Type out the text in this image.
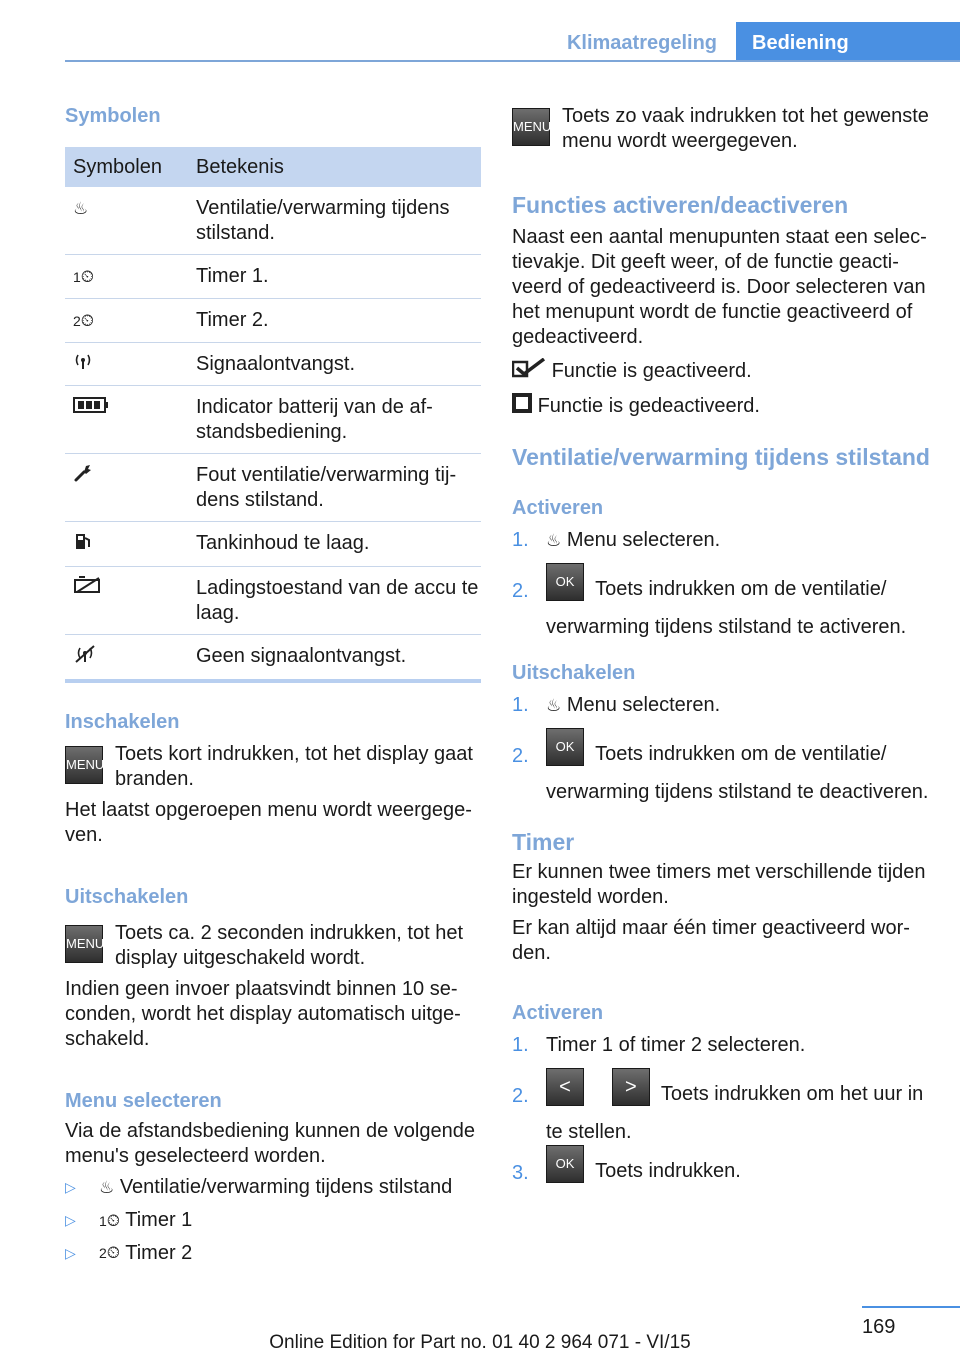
Klimaatregeling	Bediening
Symbolen
Symbolen	Betekenis
♨	Ventilatie/verwarming tijdens stilstand.
1⏲	Timer 1.
2⏲	Timer 2.
	Signaalontvangst.
	Indicator batterij van de afstandsbediening.
	Fout ventilatie/verwarming tijdens stilstand.
	Tankinhoud te laag.
	Ladingstoestand van de accu te laag.
	Geen signaalontvangst.
Inschakelen
MENU Toets kort indrukken, tot het display gaat branden.

Het laatst opgeroepen menu wordt weergegeven.

Uitschakelen
MENU Toets ca. 2 seconden indrukken, tot het display uitgeschakeld wordt.

Indien geen invoer plaatsvindt binnen 10 seconden, wordt het display automatisch uitgeschakeld.

Menu selecteren

Via de afstandsbediening kunnen de volgende menu's geselecteerd worden.

▷ ♨ Ventilatie/verwarming tijdens stilstand
▷ 1⏲ Timer 1
▷ 2⏲ Timer 2
MENU Toets zo vaak indrukken tot het gewenste menu wordt weergegeven.

Functies activeren/deactiveren

Naast een aantal menupunten staat een selectievakje. Dit geeft weer, of de functie geactiveerd of gedeactiveerd is. Door selecteren van het menupunt wordt de functie geactiveerd of gedeactiveerd.

Functie is geactiveerd.

Functie is gedeactiveerd.

Ventilatie/verwarming tijdens stilstand
Activeren
1. ♨ Menu selecteren.
2. OK Toets indrukken om de ventilatie/ verwarming tijdens stilstand te activeren.
Uitschakelen
1. ♨ Menu selecteren.
2. OK Toets indrukken om de ventilatie/ verwarming tijdens stilstand te deactiveren.
Timer

Er kunnen twee timers met verschillende tijden ingesteld worden.

Er kan altijd maar één timer geactiveerd worden.

Activeren
1. Timer 1 of timer 2 selecteren.
2. <	> Toets indrukken om het uur in te stellen.
3. OK Toets indrukken.
169
Online Edition for Part no. 01 40 2 964 071 - VI/15
